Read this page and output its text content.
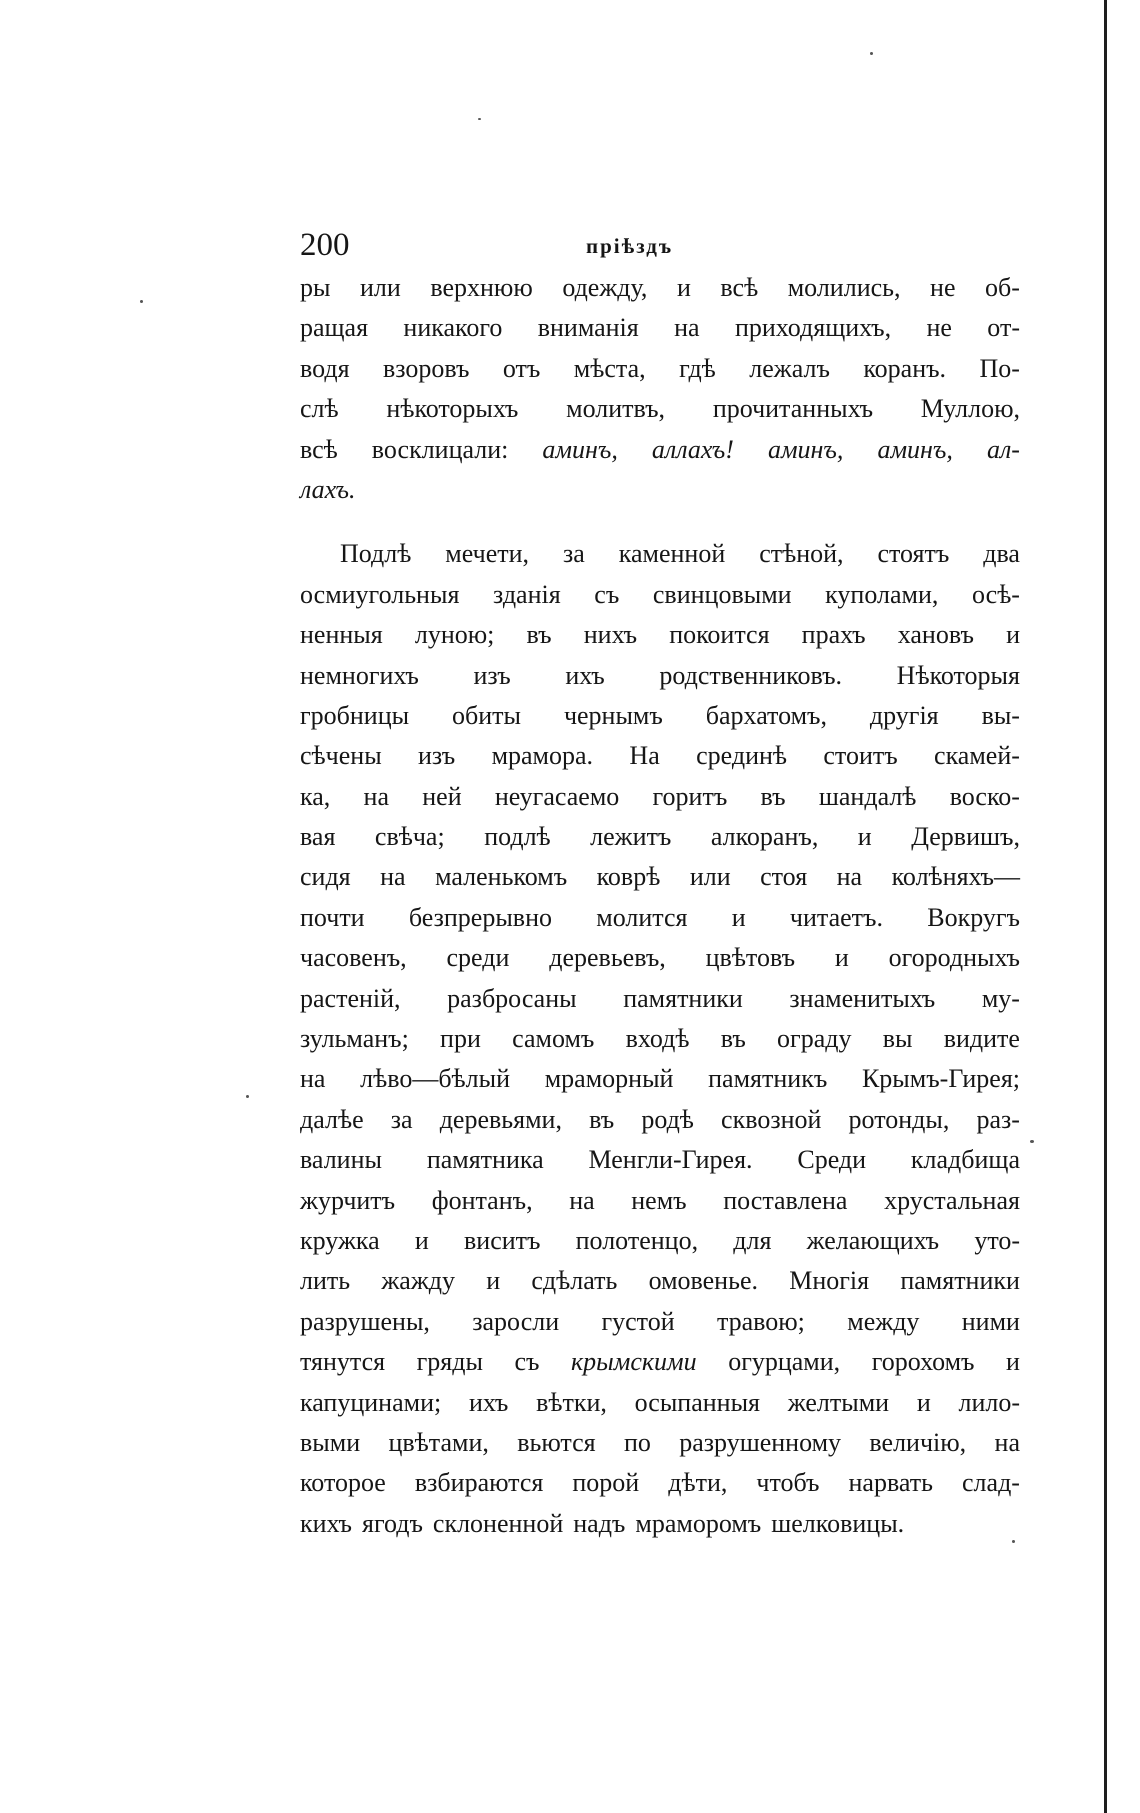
200	пріѣздъ
ры или верхнюю одежду, и всѣ молились, не об-
ращая никакого вниманія на приходящихъ, не от-
водя взоровъ отъ мѣста, гдѣ лежалъ коранъ. По-
слѣ нѣкоторыхъ молитвъ, прочитанныхъ Муллою,
всѣ восклицали: аминъ, аллахъ! аминъ, аминъ, ал-
лахъ.
Подлѣ мечети, за каменной стѣной, стоятъ два
осмиугольныя зданія съ свинцовыми куполами, осѣ-
ненныя луною; въ нихъ покоится прахъ хановъ и
немногихъ изъ ихъ родственниковъ. Нѣкоторыя
гробницы обиты чернымъ бархатомъ, другія вы-
сѣчены изъ мрамора. На срединѣ стоитъ скамей-
ка, на ней неугасаемо горитъ въ шандалѣ воско-
вая свѣча; подлѣ лежитъ алкоранъ, и Дервишъ,
сидя на маленькомъ коврѣ или стоя на колѣняхъ—
почти безпрерывно молится и читаетъ. Вокругъ
часовенъ, среди деревьевъ, цвѣтовъ и огородныхъ
растеній, разбросаны памятники знаменитыхъ му-
зульманъ; при самомъ входѣ въ ограду вы видите
на лѣво—бѣлый мраморный памятникъ Крымъ-Гирея;
далѣе за деревьями, въ родѣ сквозной ротонды, раз-
валины памятника Менгли-Гирея. Среди кладбища
журчитъ фонтанъ, на немъ поставлена хрустальная
кружка и виситъ полотенцо, для желающихъ уто-
лить жажду и сдѣлать омовенье. Многія памятники
разрушены, заросли густой травою; между ними
тянутся гряды съ крымскими огурцами, горохомъ и
капуцинами; ихъ вѣтки, осыпанныя желтыми и лило-
выми цвѣтами, вьются по разрушенному величію, на
которое взбираются порой дѣти, чтобъ нарвать слад-
кихъ ягодъ склоненной надъ мраморомъ шелковицы.
